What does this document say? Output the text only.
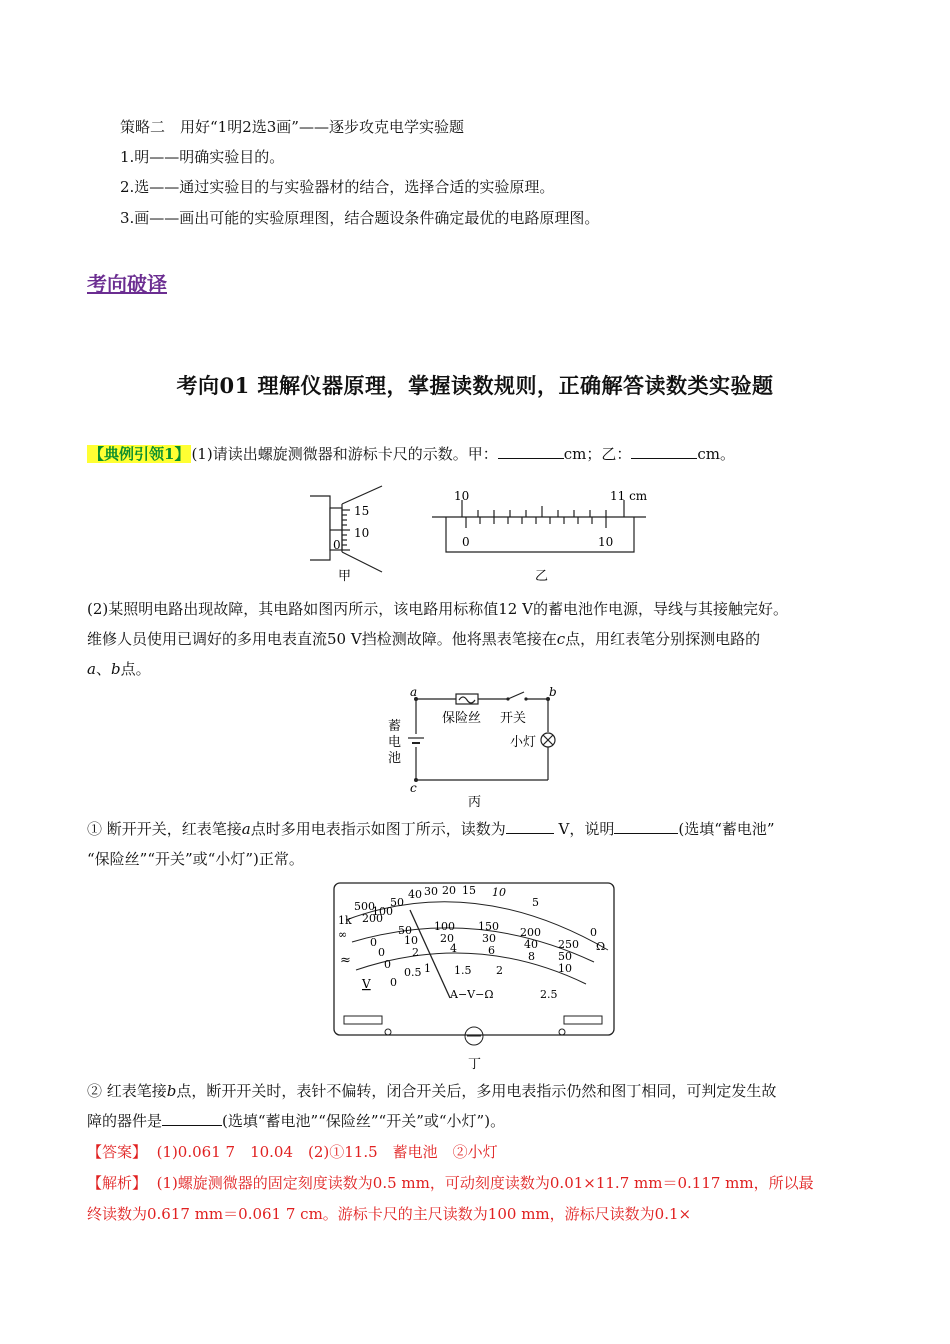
策略二　用好“1明2选3画”——逐步攻克电学实验题
1.明——明确实验目的。
2.选——通过实验目的与实验器材的结合，选择合适的实验原理。
3.画——画出可能的实验原理图，结合题设条件确定最优的电路原理图。
考向破译
考向01 理解仪器原理，掌握读数规则，正确解答读数类实验题
【典例引领1】 (1)请读出螺旋测微器和游标卡尺的示数。甲：	cm；乙：	cm。
15
10
0
甲
10	11 cm
0	10
乙
(2)某照明电路出现故障，其电路如图丙所示，该电路用标称值12 V的蓄电池作电源，导线与其接触完好。
维修人员使用已调好的多用电表直流50 V挡检测故障。他将黑表笔接在c点，用红表笔分别探测电路的
a、b点。
a	b
c
蓄
电
池
保险丝 开关
小灯
丙
① 断开开关，红表笔接a点时多用电表指示如图丁所示，读数为	V，说明	(选填“蓄电池”
“保险丝”“开关”或“小灯”)正常。
500
200
100
50
40 30 20 15 10
5
0
1k
∞
Ω
0
50 100 150 200
250
0
10 20	30	40
50
0
2	4	6	8
10
0
0.5 1 1.5 2
2.5
≈
V
A−V−Ω
丁
② 红表笔接b点，断开开关时，表针不偏转，闭合开关后，多用电表指示仍然和图丁相同，可判定发生故
障的器件是	(选填“蓄电池”“保险丝”“开关”或“小灯”)。
【答案】 (1)0.061 7　10.04　(2)①11.5　蓄电池　②小灯
【解析】 (1)螺旋测微器的固定刻度读数为0.5 mm，可动刻度读数为0.01×11.7 mm＝0.117 mm，所以最
终读数为0.617 mm＝0.061 7 cm。游标卡尺的主尺读数为100 mm，游标尺读数为0.1×
